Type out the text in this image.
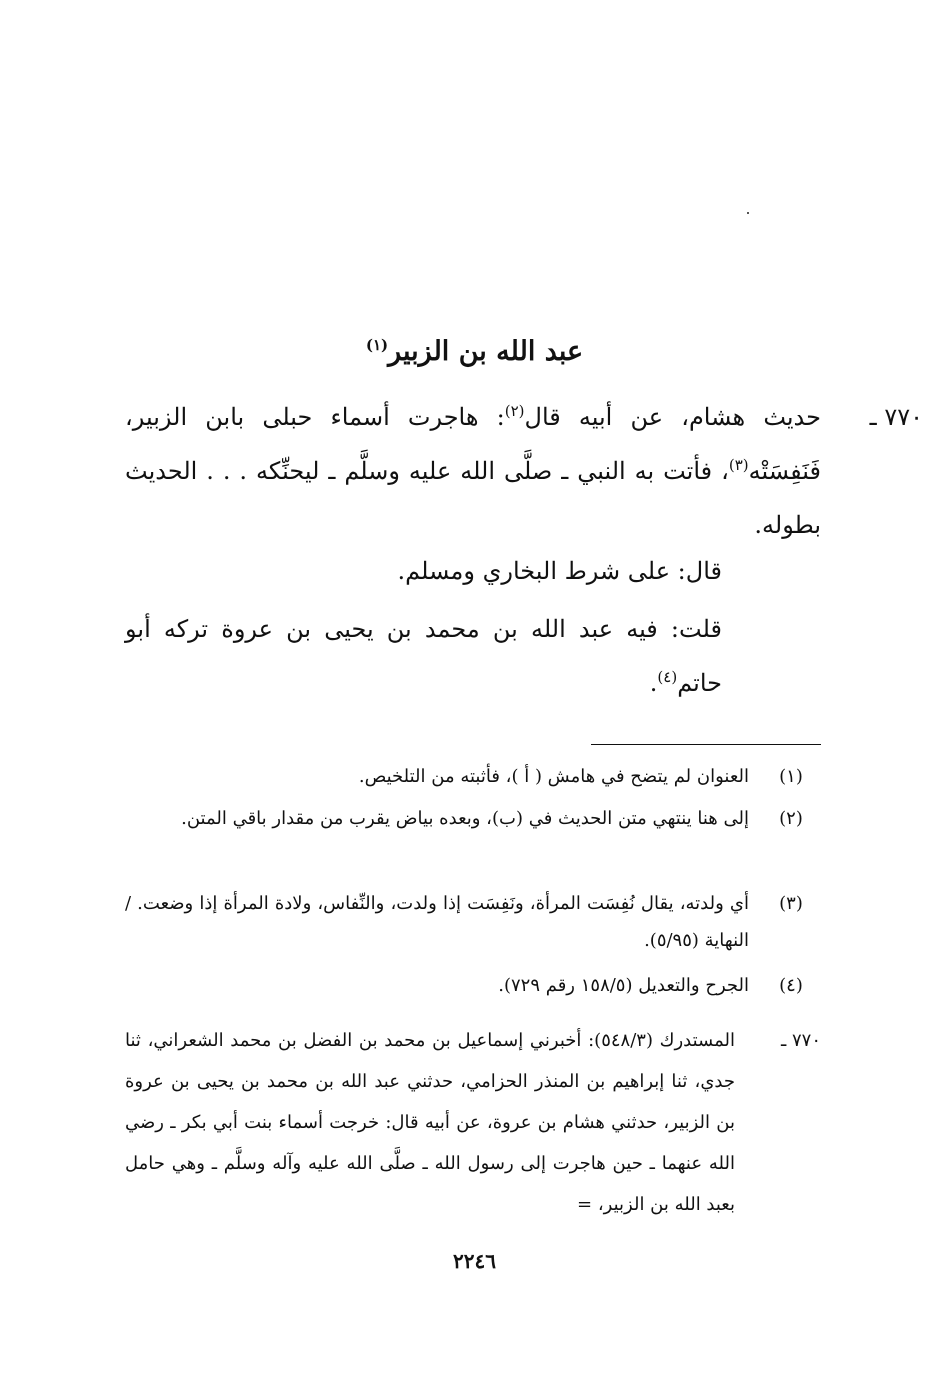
عبد الله بن الزبير$^{(١)}$
٧٧٠ ـ
حديث هشام، عن أبيه قال$^{(٢)}$: هاجرت أسماء حبلى بابن الزبير، فَنَفِسَتْه$^{(٣)}$، فأتت به النبي ـ صلَّى الله عليه وسلَّم ـ ليحنِّكه . . . الحديث بطوله.
قال: على شرط البخاري ومسلم.
قلت: فيه عبد الله بن محمد بن يحيى بن عروة تركه أبو حاتم$^{(٤)}$.
(١)
العنوان لم يتضح في هامش ( أ )، فأثبته من التلخيص.
(٢)
إلى هنا ينتهي متن الحديث في (ب)، وبعده بياض يقرب من مقدار باقي المتن.
(٣)
أي ولدته، يقال نُفِسَت المرأة، ونَفِسَت إذا ولدت، والنِّفاس، ولادة المرأة إذا وضعت. / النهاية (٥/٩٥).
(٤)
الجرح والتعديل (١٥٨/٥ رقم ٧٢٩).
٧٧٠ ـ
المستدرك (٥٤٨/٣): أخبرني إسماعيل بن محمد بن الفضل بن محمد الشعراني، ثنا جدي، ثنا إبراهيم بن المنذر الحزامي، حدثني عبد الله بن محمد بن يحيى بن عروة بن الزبير، حدثني هشام بن عروة، عن أبيه قال: خرجت أسماء بنت أبي بكر ـ رضي الله عنهما ـ حين هاجرت إلى رسول الله ـ صلَّى الله عليه وآله وسلَّم ـ وهي حامل بعبد الله بن الزبير، =
٢٢٤٦
